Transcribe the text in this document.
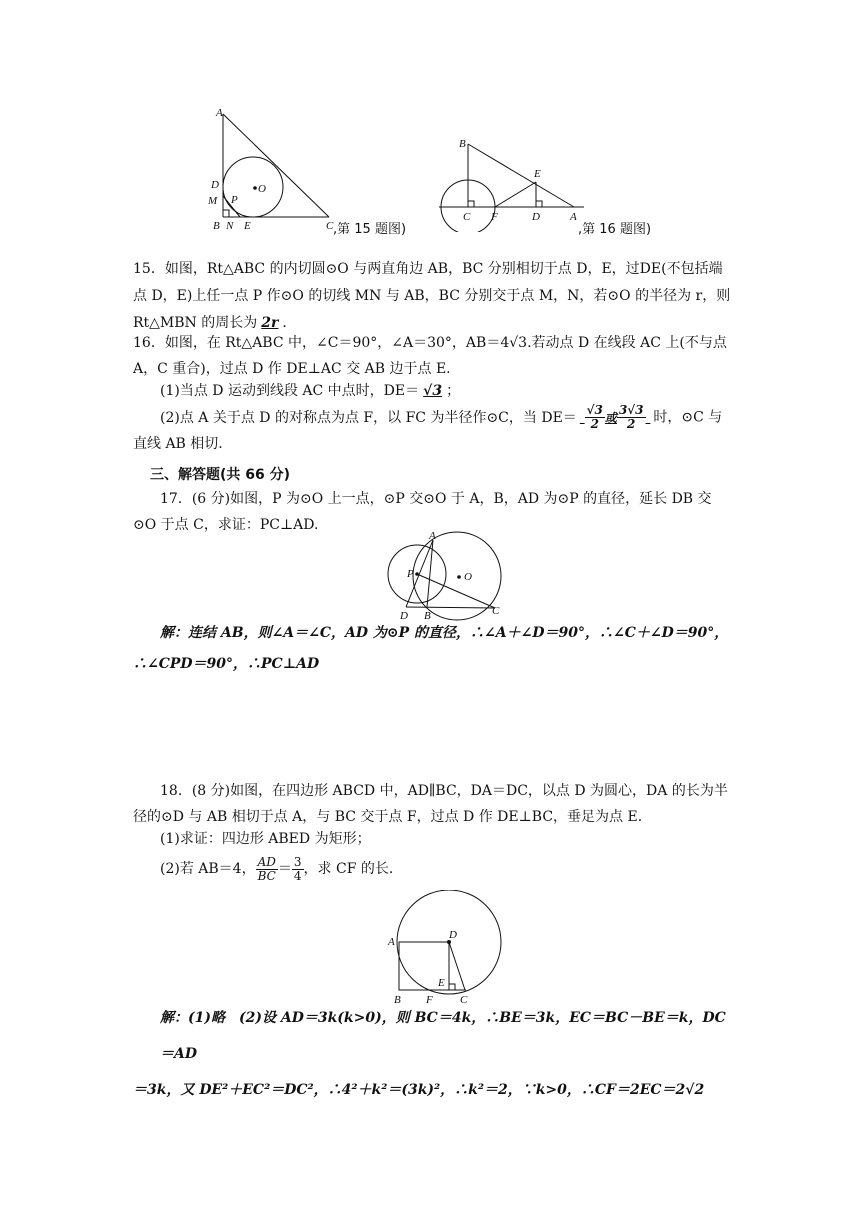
A
D
M P
O
B N E	C ,第 15 题图)
B
E
C F	D	A
,第 16 题图)
15．如图，Rt△ABC 的内切圆⊙O 与两直角边 AB，BC 分别相切于点 D，E，过DE(不包括端点 D，E)上任一点 P 作⊙O 的切线 MN 与 AB，BC 分别交于点 M，N，若⊙O 的半径为 r，则 Rt△MBN 的周长为 2r ．
16．如图，在 Rt△ABC 中，∠C＝90°，∠A＝30°，AB＝4√3.若动点 D 在线段 AC 上(不与点 A，C 重合)，过点 D 作 DE⊥AC 交 AB 边于点 E.
(1)当点 D 运动到线段 AC 中点时，DE＝ √3 ；
(2)点 A 关于点 D 的对称点为点 F，以 FC 为半径作⊙C，当 $DE= \frac{√3}{2}$ 或 $\frac{3√3}{2}$ 时，⊙C 与直线 AB 相切.
三、解答题(共 66 分)
17．(6 分)如图，P 为⊙O 上一点，⊙P 交⊙O 于 A，B，AD 为⊙P 的直径，延长 DB 交⊙O 于点 C，求证：PC⊥AD.
A
P	O
D B	C
解：连结 AB，则∠A＝∠C，AD 为⊙P 的直径，∴∠A＋∠D＝90°，∴∠C＋∠D＝90°，∴∠CPD＝90°，∴PC⊥AD
18．(8 分)如图，在四边形 ABCD 中，AD∥BC，DA＝DC，以点 D 为圆心，DA 的长为半径的⊙D 与 AB 相切于点 A，与 BC 交于点 F，过点 D 作 DE⊥BC，垂足为点 E.
(1)求证：四边形 ABED 为矩形；
(2)若 AB＝4， $\frac{AD}{BC} = \frac{3}{4}$ ，求 CF 的长.
A
D
E
B F C
解：(1)略　(2)设 AD＝3k(k>0)，则 BC＝4k，∴BE＝3k，EC＝BC－BE＝k，DC＝AD
＝3k，又 DE²＋EC²＝DC²，∴4²＋k²＝(3k)²，∴k²＝2，∵k>0，∴CF＝2EC＝2√2
